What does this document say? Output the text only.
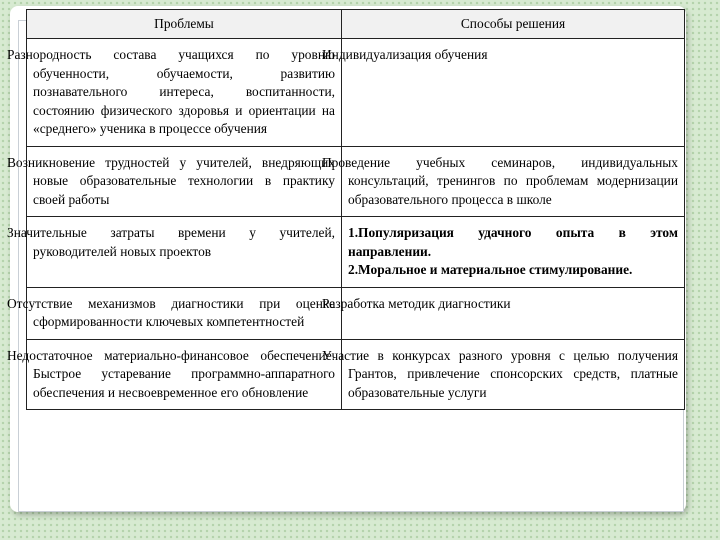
Проблемы	Способы решения
Разнородность состава учащихся по уровню обученности, обучаемости, развитию познавательного интереса, воспитанности, состоянию физического здоровья и ориентации на «среднего» ученика в процессе обучения	Индивидуализация обучения
Возникновение трудностей у учителей, внедряющих новые образовательные технологии в практику своей работы	Проведение учебных семинаров, индивидуальных консультаций, тренингов по проблемам модернизации образовательного процесса в школе
Значительные затраты времени у учителей, руководителей новых проектов	1.Популяризация удачного опыта в этом направлении.
2.Моральное и материальное стимулирование.

Отсутствие механизмов диагностики при оценке сформированности ключевых компетентностей	Разработка методик диагностики
Недостаточное материально-финансовое обеспечение. Быстрое устаревание программно-аппаратного обеспечения и несвоевременное его обновление	Участие в конкурсах разного уровня с целью получения Грантов, привлечение спонсорских средств, платные образовательные услуги
